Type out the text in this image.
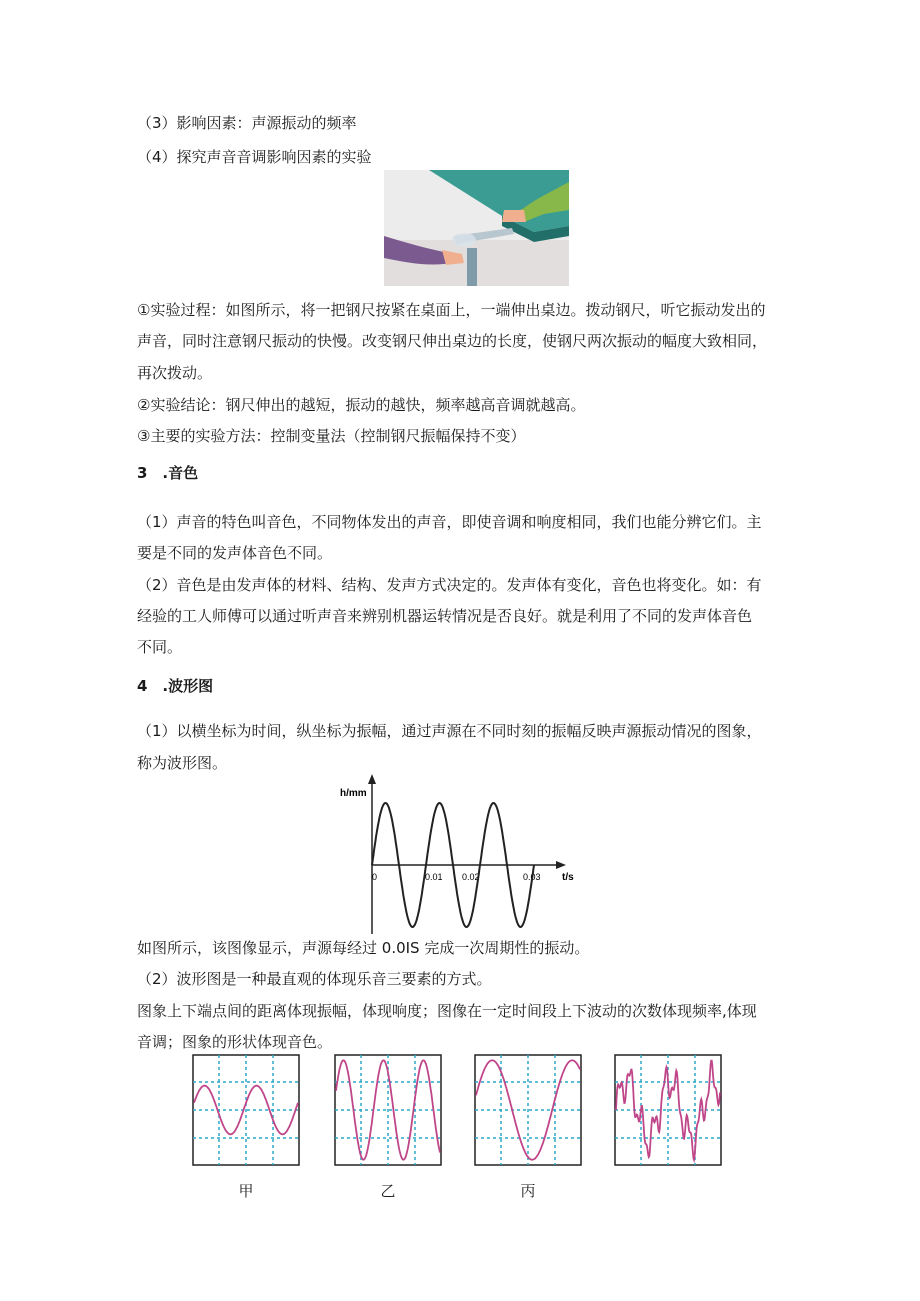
（3）影响因素：声源振动的频率
（4）探究声音音调影响因素的实验
①实验过程：如图所示，将一把钢尺按紧在桌面上，一端伸出桌边。拨动钢尺，听它振动发出的
声音，同时注意钢尺振动的快慢。改变钢尺伸出桌边的长度，使钢尺两次振动的幅度大致相同，
再次拨动。
②实验结论：钢尺伸出的越短，振动的越快，频率越高音调就越高。
③主要的实验方法：控制变量法（控制钢尺振幅保持不变）
3　.音色
（1）声音的特色叫音色，不同物体发出的声音，即使音调和响度相同，我们也能分辨它们。主
要是不同的发声体音色不同。
（2）音色是由发声体的材料、结构、发声方式决定的。发声体有变化，音色也将变化。如：有
经验的工人师傅可以通过听声音来辨别机器运转情况是否良好。就是利用了不同的发声体音色
不同。
4　.波形图
（1）以横坐标为时间，纵坐标为振幅，通过声源在不同时刻的振幅反映声源振动情况的图象，
称为波形图。
h/mm
t/s
0	0.01 0.02	0.03
如图所示，该图像显示，声源每经过 0.0IS 完成一次周期性的振动。
（2）波形图是一种最直观的体现乐音三要素的方式。
图象上下端点间的距离体现振幅，体现响度；图像在一定时间段上下波动的次数体现频率,体现
音调；图象的形状体现音色。
甲	乙	丙
